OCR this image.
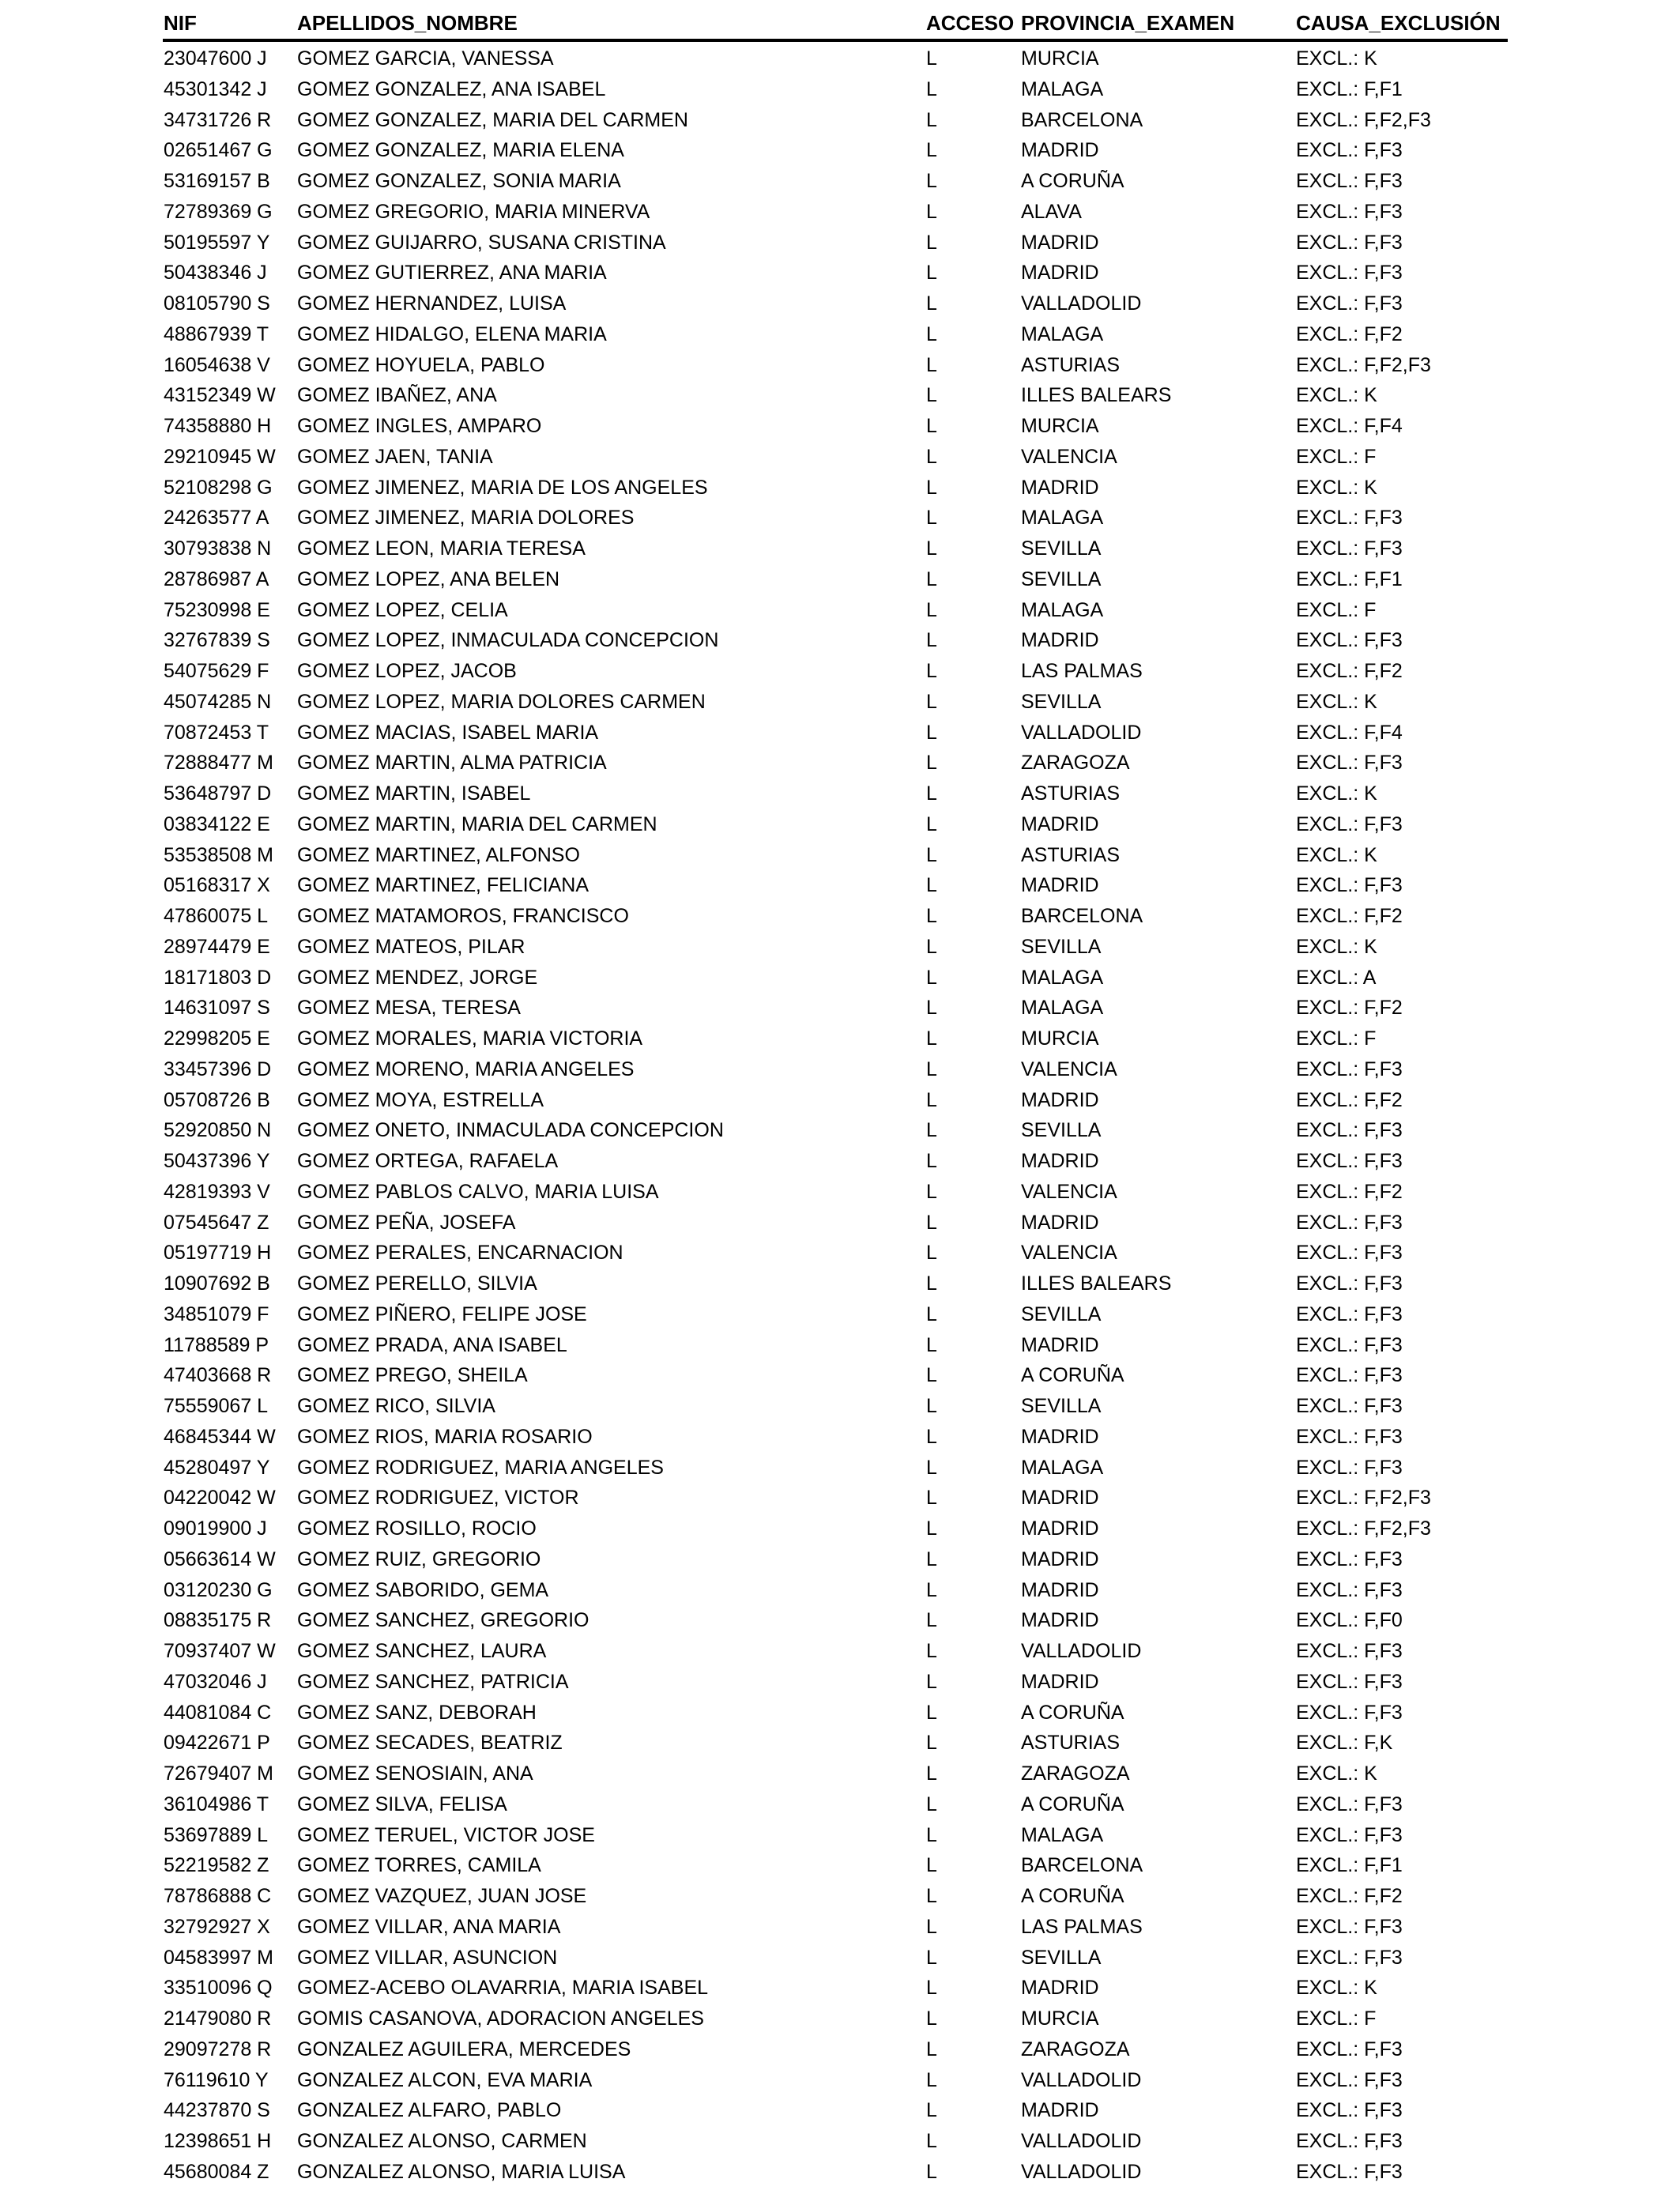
NIF	APELLIDOS_NOMBRE	ACCESO PROVINCIA_EXAMEN	CAUSA_EXCLUSIÓN
23047600 J GOMEZ GARCIA, VANESSA	L	MURCIA	EXCL.: K
45301342 J GOMEZ GONZALEZ, ANA ISABEL	L	MALAGA	EXCL.: F,F1
34731726 R GOMEZ GONZALEZ, MARIA DEL CARMEN	L	BARCELONA	EXCL.: F,F2,F3
02651467 G GOMEZ GONZALEZ, MARIA ELENA	L	MADRID	EXCL.: F,F3
53169157 B GOMEZ GONZALEZ, SONIA MARIA	L	A CORUÑA	EXCL.: F,F3
72789369 G GOMEZ GREGORIO, MARIA MINERVA	L	ALAVA	EXCL.: F,F3
50195597 Y GOMEZ GUIJARRO, SUSANA CRISTINA	L	MADRID	EXCL.: F,F3
50438346 J GOMEZ GUTIERREZ, ANA MARIA	L	MADRID	EXCL.: F,F3
08105790 S GOMEZ HERNANDEZ, LUISA	L	VALLADOLID	EXCL.: F,F3
48867939 T GOMEZ HIDALGO, ELENA MARIA	L	MALAGA	EXCL.: F,F2
16054638 V GOMEZ HOYUELA, PABLO	L	ASTURIAS	EXCL.: F,F2,F3
43152349 W GOMEZ IBAÑEZ, ANA	L	ILLES BALEARS	EXCL.: K
74358880 H GOMEZ INGLES, AMPARO	L	MURCIA	EXCL.: F,F4
29210945 W GOMEZ JAEN, TANIA	L	VALENCIA	EXCL.: F
52108298 G GOMEZ JIMENEZ, MARIA DE LOS ANGELES	L	MADRID	EXCL.: K
24263577 A GOMEZ JIMENEZ, MARIA DOLORES	L	MALAGA	EXCL.: F,F3
30793838 N GOMEZ LEON, MARIA TERESA	L	SEVILLA	EXCL.: F,F3
28786987 A GOMEZ LOPEZ, ANA BELEN	L	SEVILLA	EXCL.: F,F1
75230998 E GOMEZ LOPEZ, CELIA	L	MALAGA	EXCL.: F
32767839 S GOMEZ LOPEZ, INMACULADA CONCEPCION	L	MADRID	EXCL.: F,F3
54075629 F GOMEZ LOPEZ, JACOB	L	LAS PALMAS	EXCL.: F,F2
45074285 N GOMEZ LOPEZ, MARIA DOLORES CARMEN	L	SEVILLA	EXCL.: K
70872453 T GOMEZ MACIAS, ISABEL MARIA	L	VALLADOLID	EXCL.: F,F4
72888477 M GOMEZ MARTIN, ALMA PATRICIA	L	ZARAGOZA	EXCL.: F,F3
53648797 D GOMEZ MARTIN, ISABEL	L	ASTURIAS	EXCL.: K
03834122 E GOMEZ MARTIN, MARIA DEL CARMEN	L	MADRID	EXCL.: F,F3
53538508 M GOMEZ MARTINEZ, ALFONSO	L	ASTURIAS	EXCL.: K
05168317 X GOMEZ MARTINEZ, FELICIANA	L	MADRID	EXCL.: F,F3
47860075 L GOMEZ MATAMOROS, FRANCISCO	L	BARCELONA	EXCL.: F,F2
28974479 E GOMEZ MATEOS, PILAR	L	SEVILLA	EXCL.: K
18171803 D GOMEZ MENDEZ, JORGE	L	MALAGA	EXCL.: A
14631097 S GOMEZ MESA, TERESA	L	MALAGA	EXCL.: F,F2
22998205 E GOMEZ MORALES, MARIA VICTORIA	L	MURCIA	EXCL.: F
33457396 D GOMEZ MORENO, MARIA ANGELES	L	VALENCIA	EXCL.: F,F3
05708726 B GOMEZ MOYA, ESTRELLA	L	MADRID	EXCL.: F,F2
52920850 N GOMEZ ONETO, INMACULADA CONCEPCION	L	SEVILLA	EXCL.: F,F3
50437396 Y GOMEZ ORTEGA, RAFAELA	L	MADRID	EXCL.: F,F3
42819393 V GOMEZ PABLOS CALVO, MARIA LUISA	L	VALENCIA	EXCL.: F,F2
07545647 Z GOMEZ PEÑA, JOSEFA	L	MADRID	EXCL.: F,F3
05197719 H GOMEZ PERALES, ENCARNACION	L	VALENCIA	EXCL.: F,F3
10907692 B GOMEZ PERELLO, SILVIA	L	ILLES BALEARS	EXCL.: F,F3
34851079 F GOMEZ PIÑERO, FELIPE JOSE	L	SEVILLA	EXCL.: F,F3
11788589 P GOMEZ PRADA, ANA ISABEL	L	MADRID	EXCL.: F,F3
47403668 R GOMEZ PREGO, SHEILA	L	A CORUÑA	EXCL.: F,F3
75559067 L GOMEZ RICO, SILVIA	L	SEVILLA	EXCL.: F,F3
46845344 W GOMEZ RIOS, MARIA ROSARIO	L	MADRID	EXCL.: F,F3
45280497 Y GOMEZ RODRIGUEZ, MARIA ANGELES	L	MALAGA	EXCL.: F,F3
04220042 W GOMEZ RODRIGUEZ, VICTOR	L	MADRID	EXCL.: F,F2,F3
09019900 J GOMEZ ROSILLO, ROCIO	L	MADRID	EXCL.: F,F2,F3
05663614 W GOMEZ RUIZ, GREGORIO	L	MADRID	EXCL.: F,F3
03120230 G GOMEZ SABORIDO, GEMA	L	MADRID	EXCL.: F,F3
08835175 R GOMEZ SANCHEZ, GREGORIO	L	MADRID	EXCL.: F,F0
70937407 W GOMEZ SANCHEZ, LAURA	L	VALLADOLID	EXCL.: F,F3
47032046 J GOMEZ SANCHEZ, PATRICIA	L	MADRID	EXCL.: F,F3
44081084 C GOMEZ SANZ, DEBORAH	L	A CORUÑA	EXCL.: F,F3
09422671 P GOMEZ SECADES, BEATRIZ	L	ASTURIAS	EXCL.: F,K
72679407 M GOMEZ SENOSIAIN, ANA	L	ZARAGOZA	EXCL.: K
36104986 T GOMEZ SILVA, FELISA	L	A CORUÑA	EXCL.: F,F3
53697889 L GOMEZ TERUEL, VICTOR JOSE	L	MALAGA	EXCL.: F,F3
52219582 Z GOMEZ TORRES, CAMILA	L	BARCELONA	EXCL.: F,F1
78786888 C GOMEZ VAZQUEZ, JUAN JOSE	L	A CORUÑA	EXCL.: F,F2
32792927 X GOMEZ VILLAR, ANA MARIA	L	LAS PALMAS	EXCL.: F,F3
04583997 M GOMEZ VILLAR, ASUNCION	L	SEVILLA	EXCL.: F,F3
33510096 Q GOMEZ-ACEBO OLAVARRIA, MARIA ISABEL	L	MADRID	EXCL.: K
21479080 R GOMIS CASANOVA, ADORACION ANGELES	L	MURCIA	EXCL.: F
29097278 R GONZALEZ AGUILERA, MERCEDES	L	ZARAGOZA	EXCL.: F,F3
76119610 Y GONZALEZ ALCON, EVA MARIA	L	VALLADOLID	EXCL.: F,F3
44237870 S GONZALEZ ALFARO, PABLO	L	MADRID	EXCL.: F,F3
12398651 H GONZALEZ ALONSO, CARMEN	L	VALLADOLID	EXCL.: F,F3
45680084 Z GONZALEZ ALONSO, MARIA LUISA	L	VALLADOLID	EXCL.: F,F3
